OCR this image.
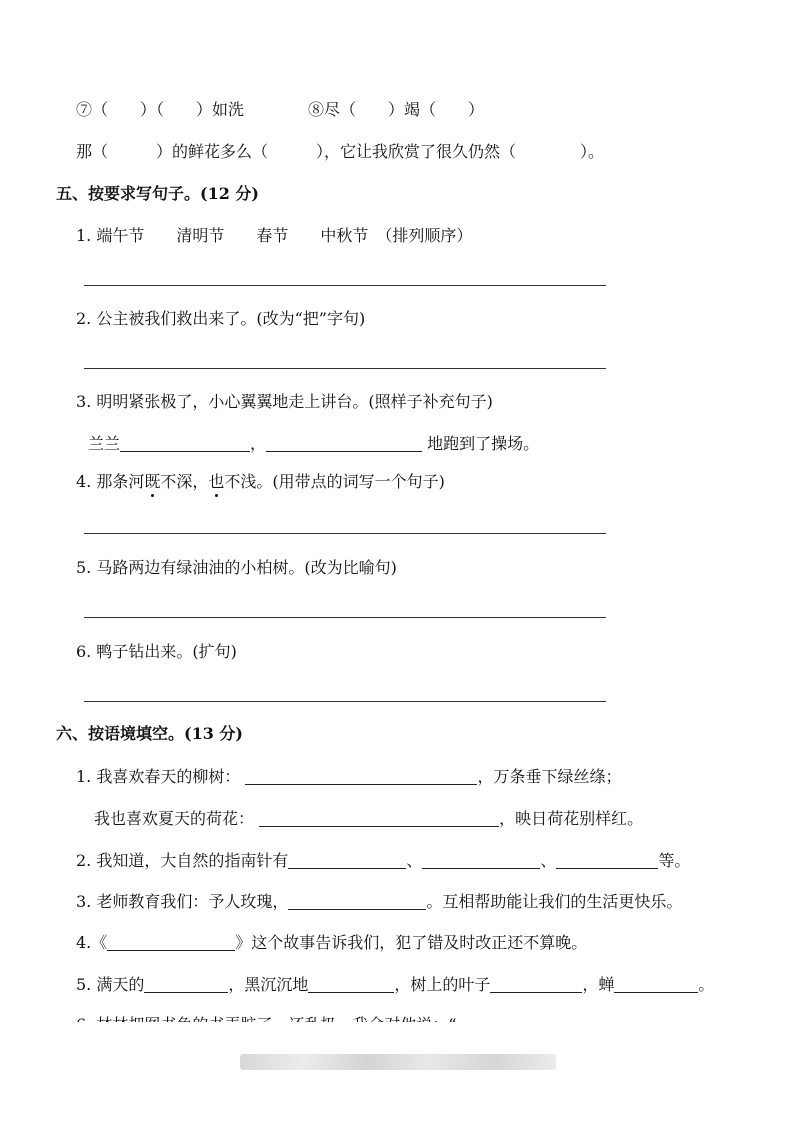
⑦（　　）（　　）如洗　　　　⑧尽（　　）竭（　　）
那（　　　）的鲜花多么（　　　），它让我欣赏了很久仍然（　　　　）。
五、按要求写句子。(12 分)
1. 端午节　　清明节　　春节　　中秋节　（排列顺序）
2. 公主被我们救出来了。(改为“把”字句)
3. 明明紧张极了，小心翼翼地走上讲台。(照样子补充句子)
兰兰	，	地跑到了操场。
4. 那条河既不深，也不浅。(用带点的词写一个句子)
5. 马路两边有绿油油的小柏树。(改为比喻句)
6. 鸭子钻出来。(扩句)
六、按语境填空。(13 分)
1. 我喜欢春天的柳树：	，万条垂下绿丝绦；
我也喜欢夏天的荷花：	，映日荷花别样红。
2. 我知道，大自然的指南针有	、	、	等。
3. 老师教育我们：予人玫瑰，	。互相帮助能让我们的生活更快乐。
4.《	》这个故事告诉我们，犯了错及时改正还不算晚。
5. 满天的	，黑沉沉地	，树上的叶子	，蝉	。
